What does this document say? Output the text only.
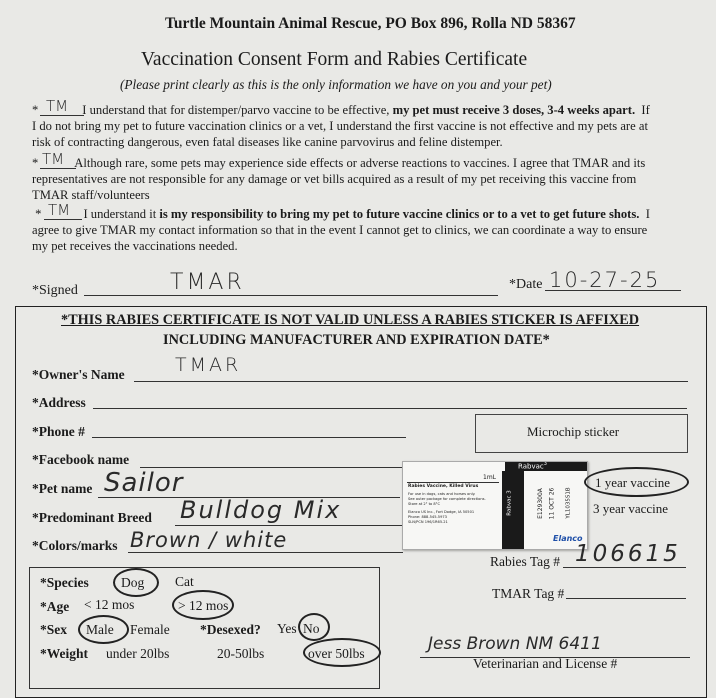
Turtle Mountain Animal Rescue, PO Box 896, Rolla ND 58367
Vaccination Consent Form and Rabies Certificate
(Please print clearly as this is the only information we have on you and your pet)
* TM I understand that for distemper/parvo vaccine to be effective, my pet must receive 3 doses, 3-4 weeks apart. If
I do not bring my pet to future vaccination clinics or a vet, I understand the first vaccine is not effective and my pets are at
risk of contracting dangerous, even fatal diseases like canine parvovirus and feline distemper.
* TM Although rare, some pets may experience side effects or adverse reactions to vaccines. I agree that TMAR and its
representatives are not responsible for any damage or vet bills acquired as a result of my pet receiving this vaccine from
TMAR staff/volunteers
* TM I understand it is my responsibility to bring my pet to future vaccine clinics or to a vet to get future shots. I
agree to give TMAR my contact information so that in the event I cannot get to clinics, we can coordinate a way to ensure
my pet receives the vaccinations needed.
*Signed	TMAR	*Date 10-27-25
*THIS RABIES CERTIFICATE IS NOT VALID UNLESS A RABIES STICKER IS AFFIXED
INCLUDING MANUFACTURER AND EXPIRATION DATE*
*Owner's Name	TMAR
*Address
*Phone #	Microchip sticker
*Facebook name
*Pet name Sailor
*Predominant Breed Bulldog Mix
*Colors/marks Brown / white
Rabvac$^3$
1mL
Rabies Vaccine, Killed Virus
For use in dogs, cats and horses only.
See outer package for complete directions.
Store at 2° to 8°C
Elanco US Inc., Fort Dodge, IA 50501
Phone: 888-545-5973
SLN/PCN 196/1R65.21
Rabvac 3	E129300A 11 OCT 26 YL1035S1B
Elanco
1 year vaccine
3 year vaccine
Rabies Tag # 106615
TMAR Tag #
Jess Brown NM 6411
Veterinarian and License #
*Species Dog Cat
*Age < 12 mos	> 12 mos
*Sex Male Female *Desexed? Yes No
*Weight under 20lbs	20-50lbs	over 50lbs
